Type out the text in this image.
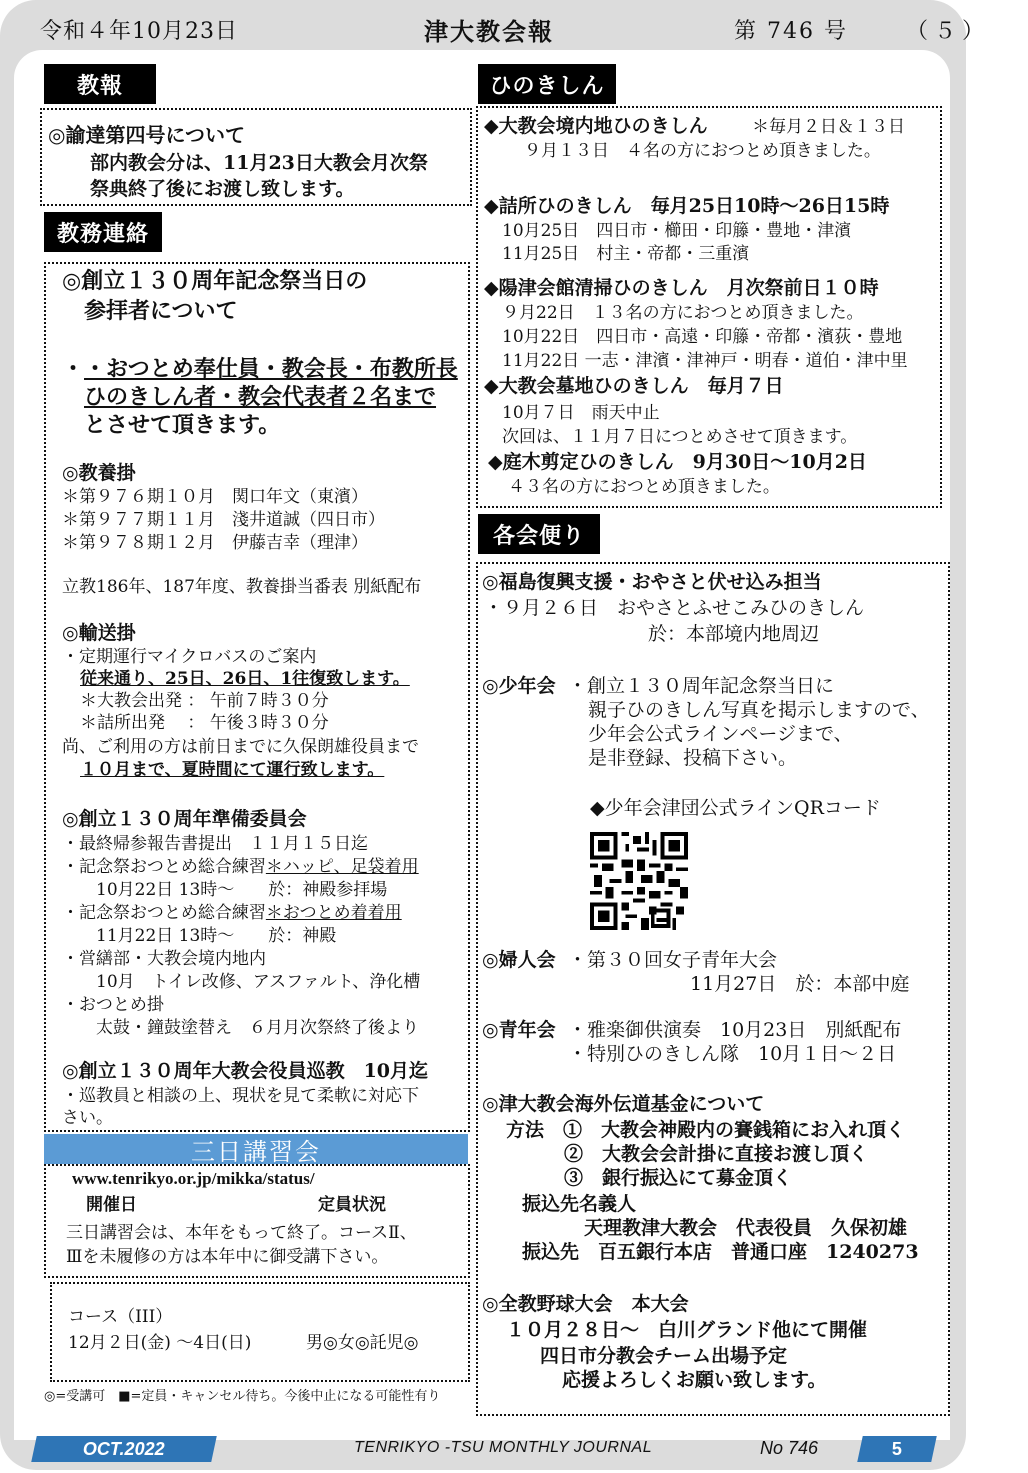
令和４年10月23日	津大教会報	第 746 号	（５）
教報
◎諭達第四号について
部内教会分は、11月23日大教会月次祭
祭典終了後にお渡し致します。
教務連絡
◎創立１３０周年記念祭当日の
参拝者について
・・おつとめ奉仕員・教会長・布教所長
ひのきしん者・教会代表者２名まで
とさせて頂きます。
◎教養掛
＊第９７６期１０月　関口年文（東濱）
＊第９７７期１１月　淺井道誠（四日市）
＊第９７８期１２月　伊藤吉幸（理津）
立教186年、187年度、教養掛当番表 別紙配布
◎輸送掛
・定期運行マイクロバスのご案内
従来通り、25日、26日、1往復致します。
＊大教会出発 ： 午前７時３０分
＊詰所出発　 ： 午後３時３０分
尚、ご利用の方は前日までに久保朗雄役員まで
１０月まで、夏時間にて運行致します。
◎創立１３０周年準備委員会
・最終帰参報告書提出　１１月１５日迄
・記念祭おつとめ総合練習＊ハッピ、足袋着用
10月22日 13時～　　於：神殿参拝場
・記念祭おつとめ総合練習＊おつとめ着着用
11月22日 13時～　　於：神殿
・営繕部・大教会境内地内
10月　トイレ改修、アスファルト、浄化槽
・おつとめ掛
太鼓・鐘鼓塗替え　６月月次祭終了後より
◎創立１３０周年大教会役員巡教　10月迄
・巡教員と相談の上、現状を見て柔軟に対応下
さい。
三日講習会
www.tenrikyo.or.jp/mikka/status/
開催日	定員状況
三日講習会は、本年をもって終了。コースⅡ、
Ⅲを未履修の方は本年中に御受講下さい。
コース（III）
12月２日(金) ～4日(日)	男◎女◎託児◎
◎=受講可　■=定員・キャンセル待ち。今後中止になる可能性有り
ひのきしん
◆大教会境内地ひのきしん	＊毎月２日＆１３日
９月１３日　４名の方におつとめ頂きました。
◆詰所ひのきしん　毎月25日10時～26日15時
10月25日　四日市・櫛田・印籐・豊地・津濱
11月25日　村主・帝都・三重濱
◆陽津会館清掃ひのきしん　月次祭前日１０時
９月22日　１３名の方におつとめ頂きました。
10月22日　四日市・高遠・印籐・帝都・濱荻・豊地
11月22日 一志・津濱・津神戸・明春・道伯・津中里
◆大教会墓地ひのきしん　毎月７日
10月７日　雨天中止
次回は、１１月７日につとめさせて頂きます。
◆庭木剪定ひのきしん　9月30日～10月2日
４３名の方におつとめ頂きました。
各会便り
◎福島復興支援・おやさと伏せ込み担当
・９月２６日　おやさとふせこみひのきしん
於：本部境内地周辺
◎少年会 ・創立１３０周年記念祭当日に
親子ひのきしん写真を掲示しますので、
少年会公式ラインページまで、
是非登録、投稿下さい。
◆少年会津団公式ラインQRコード
◎婦人会 ・第３０回女子青年大会
11月27日　於：本部中庭
◎青年会 ・雅楽御供演奏　10月23日　別紙配布
・特別ひのきしん隊　10月１日～２日
◎津大教会海外伝道基金について
方法　①　大教会神殿内の賽銭箱にお入れ頂く
②　大教会会計掛に直接お渡し頂く
③　銀行振込にて募金頂く
振込先名義人
天理教津大教会　代表役員　久保初雄
振込先　百五銀行本店　普通口座　1240273
◎全教野球大会　本大会
１０月２８日～　白川グランド他にて開催
四日市分教会チーム出場予定
応援よろしくお願い致します。
OCT.2022	TENRIKYO -TSU MONTHLY JOURNAL	No 746	5
